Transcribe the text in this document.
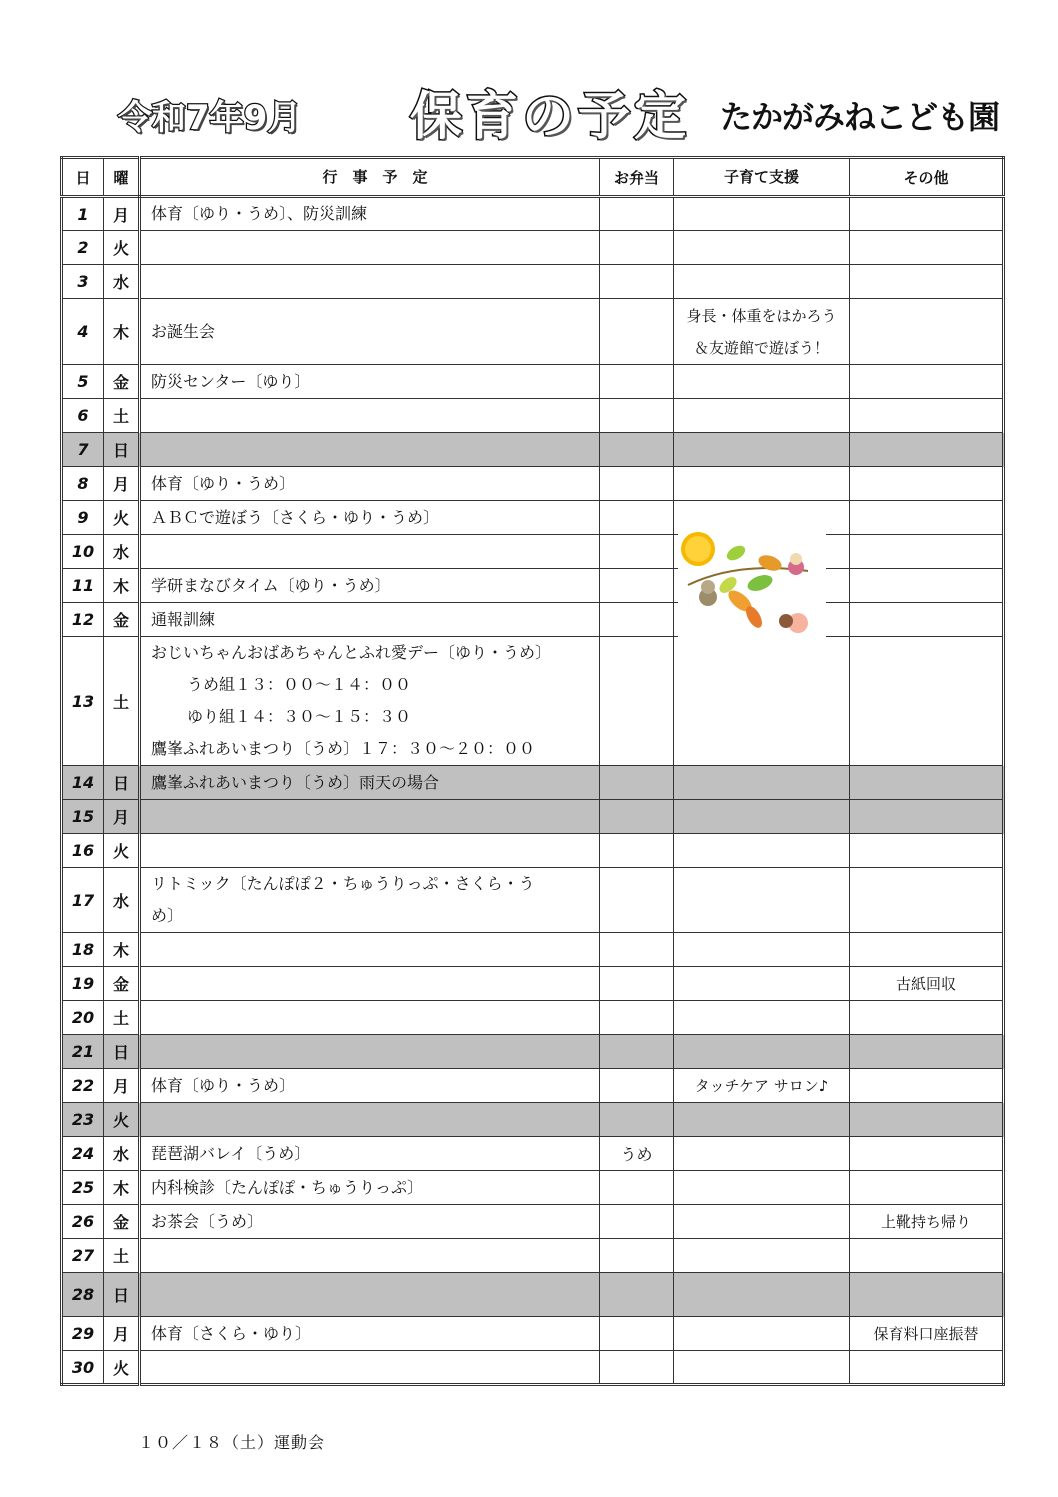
令和7年9月 保育の予定 たかがみねこども園
日	曜	行　事　予　定	お弁当	子育て支援	その他
1	月	体育〔ゆり・うめ〕、防災訓練			

2	火				
3	水				
4	木	お誕生会		身長・体重をはかろう
＆友遊館で遊ぼう！	

5	金	防災センター〔ゆり〕			

6	土				
7	日				
8	月	体育〔ゆり・うめ〕			

9	火	ＡＢＣで遊ぼう〔さくら・ゆり・うめ〕			

10	水				
11	木	学研まなびタイム〔ゆり・うめ〕			

12	金	通報訓練			

13	土	おじいちゃんおばあちゃんとふれ愛デー〔ゆり・うめ〕
うめ組１３：００～１４：００
ゆり組１４：３０～１５：３０
鷹峯ふれあいまつり〔うめ〕１７：３０～２０：００			

14	日	鷹峯ふれあいまつり〔うめ〕雨天の場合			

15	月				
16	火				
17	水	リトミック〔たんぽぽ２・ちゅうりっぷ・さくら・う
め〕			

18	木				
19	金				古紙回収
20	土				
21	日				
22	月	体育〔ゆり・うめ〕		タッチケア サロン♪	

23	火				
24	水	琵琶湖バレイ〔うめ〕	うめ		
25	木	内科検診〔たんぽぽ・ちゅうりっぷ〕			

26	金	お茶会〔うめ〕			上靴持ち帰り
27	土				
28	日				
29	月	体育〔さくら・ゆり〕			保育料口座振替
30	火				
１０／１８（土）運動会
